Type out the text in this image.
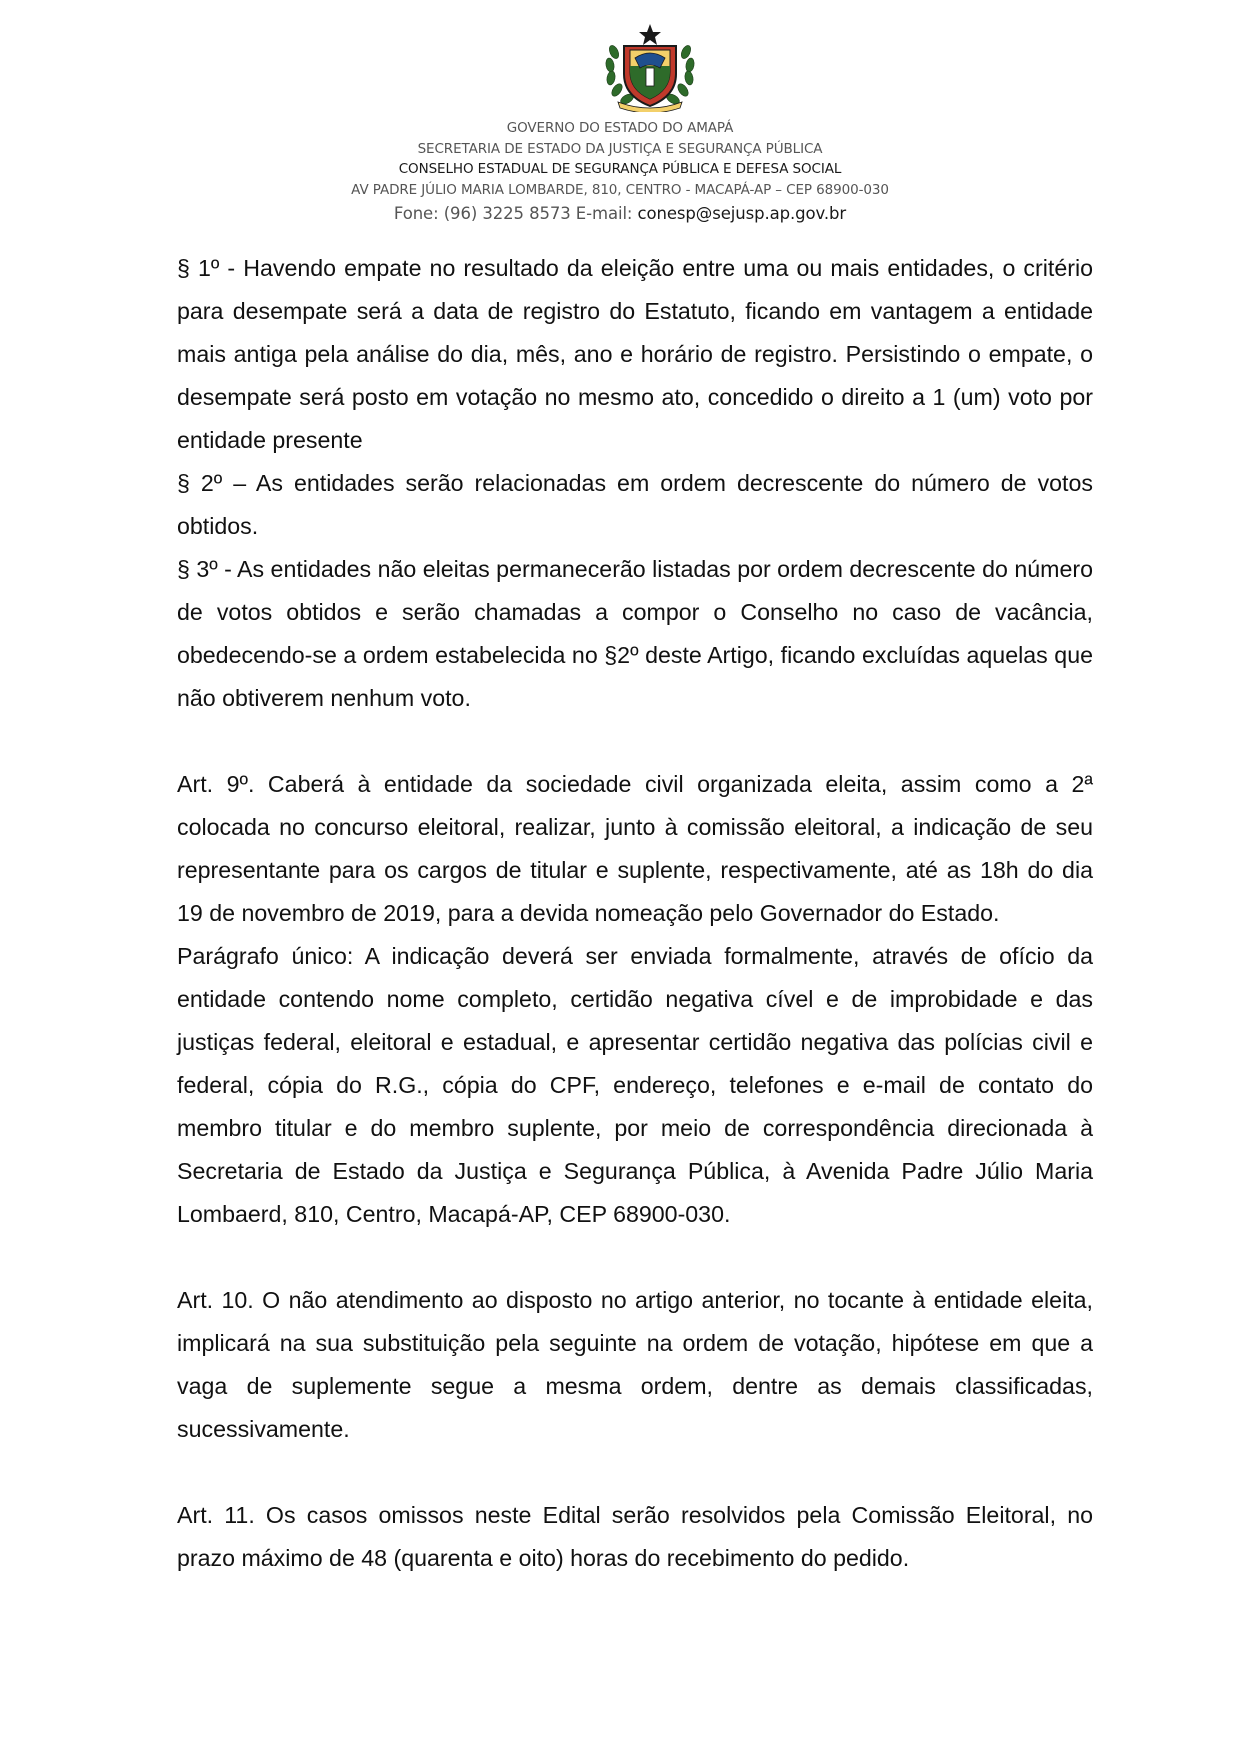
GOVERNO DO ESTADO DO AMAPÁ
SECRETARIA DE ESTADO DA JUSTIÇA E SEGURANÇA PÚBLICA
CONSELHO ESTADUAL DE SEGURANÇA PÚBLICA E DEFESA SOCIAL
AV PADRE JÚLIO MARIA LOMBARDE, 810, CENTRO - MACAPÁ-AP – CEP 68900-030
Fone: (96) 3225 8573 E-mail: conesp@sejusp.ap.gov.br

§ 1º - Havendo empate no resultado da eleição entre uma ou mais entidades, o critério para desempate será a data de registro do Estatuto, ficando em vantagem a entidade mais antiga pela análise do dia, mês, ano e horário de registro. Persistindo o empate, o desempate será posto em votação no mesmo ato, concedido o direito a 1 (um) voto por entidade presente

§ 2º – As entidades serão relacionadas em ordem decrescente do número de votos obtidos.

§ 3º - As entidades não eleitas permanecerão listadas por ordem decrescente do número de votos obtidos e serão chamadas a compor o Conselho no caso de vacância, obedecendo-se a ordem estabelecida no §2º deste Artigo, ficando excluídas aquelas que não obtiverem nenhum voto.

Art. 9º. Caberá à entidade da sociedade civil organizada eleita, assim como a 2ª colocada no concurso eleitoral, realizar, junto à comissão eleitoral, a indicação de seu representante para os cargos de titular e suplente, respectivamente, até as 18h do dia 19 de novembro de 2019, para a devida nomeação pelo Governador do Estado.

Parágrafo único: A indicação deverá ser enviada formalmente, através de ofício da entidade contendo nome completo, certidão negativa cível e de improbidade e das justiças federal, eleitoral e estadual, e apresentar certidão negativa das polícias civil e federal, cópia do R.G., cópia do CPF, endereço, telefones e e-mail de contato do membro titular e do membro suplente, por meio de correspondência direcionada à Secretaria de Estado da Justiça e Segurança Pública, à Avenida Padre Júlio Maria Lombaerd, 810, Centro, Macapá-AP, CEP 68900-030.

Art. 10. O não atendimento ao disposto no artigo anterior, no tocante à entidade eleita, implicará na sua substituição pela seguinte na ordem de votação, hipótese em que a vaga de suplemente segue a mesma ordem, dentre as demais classificadas, sucessivamente.

Art. 11. Os casos omissos neste Edital serão resolvidos pela Comissão Eleitoral, no prazo máximo de 48 (quarenta e oito) horas do recebimento do pedido.
